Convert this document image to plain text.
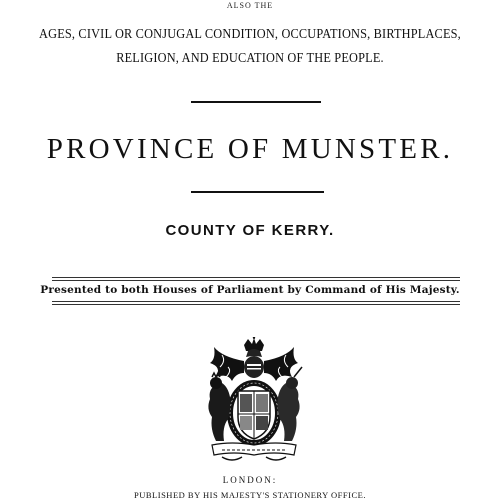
ALSO THE
AGES, CIVIL OR CONJUGAL CONDITION, OCCUPATIONS, BIRTHPLACES,
RELIGION, AND EDUCATION OF THE PEOPLE.
PROVINCE OF MUNSTER.
COUNTY OF KERRY.
Presented to both Houses of Parliament by Command of His Majesty.
LONDON:
PUBLISHED BY HIS MAJESTY'S STATIONERY OFFICE.
